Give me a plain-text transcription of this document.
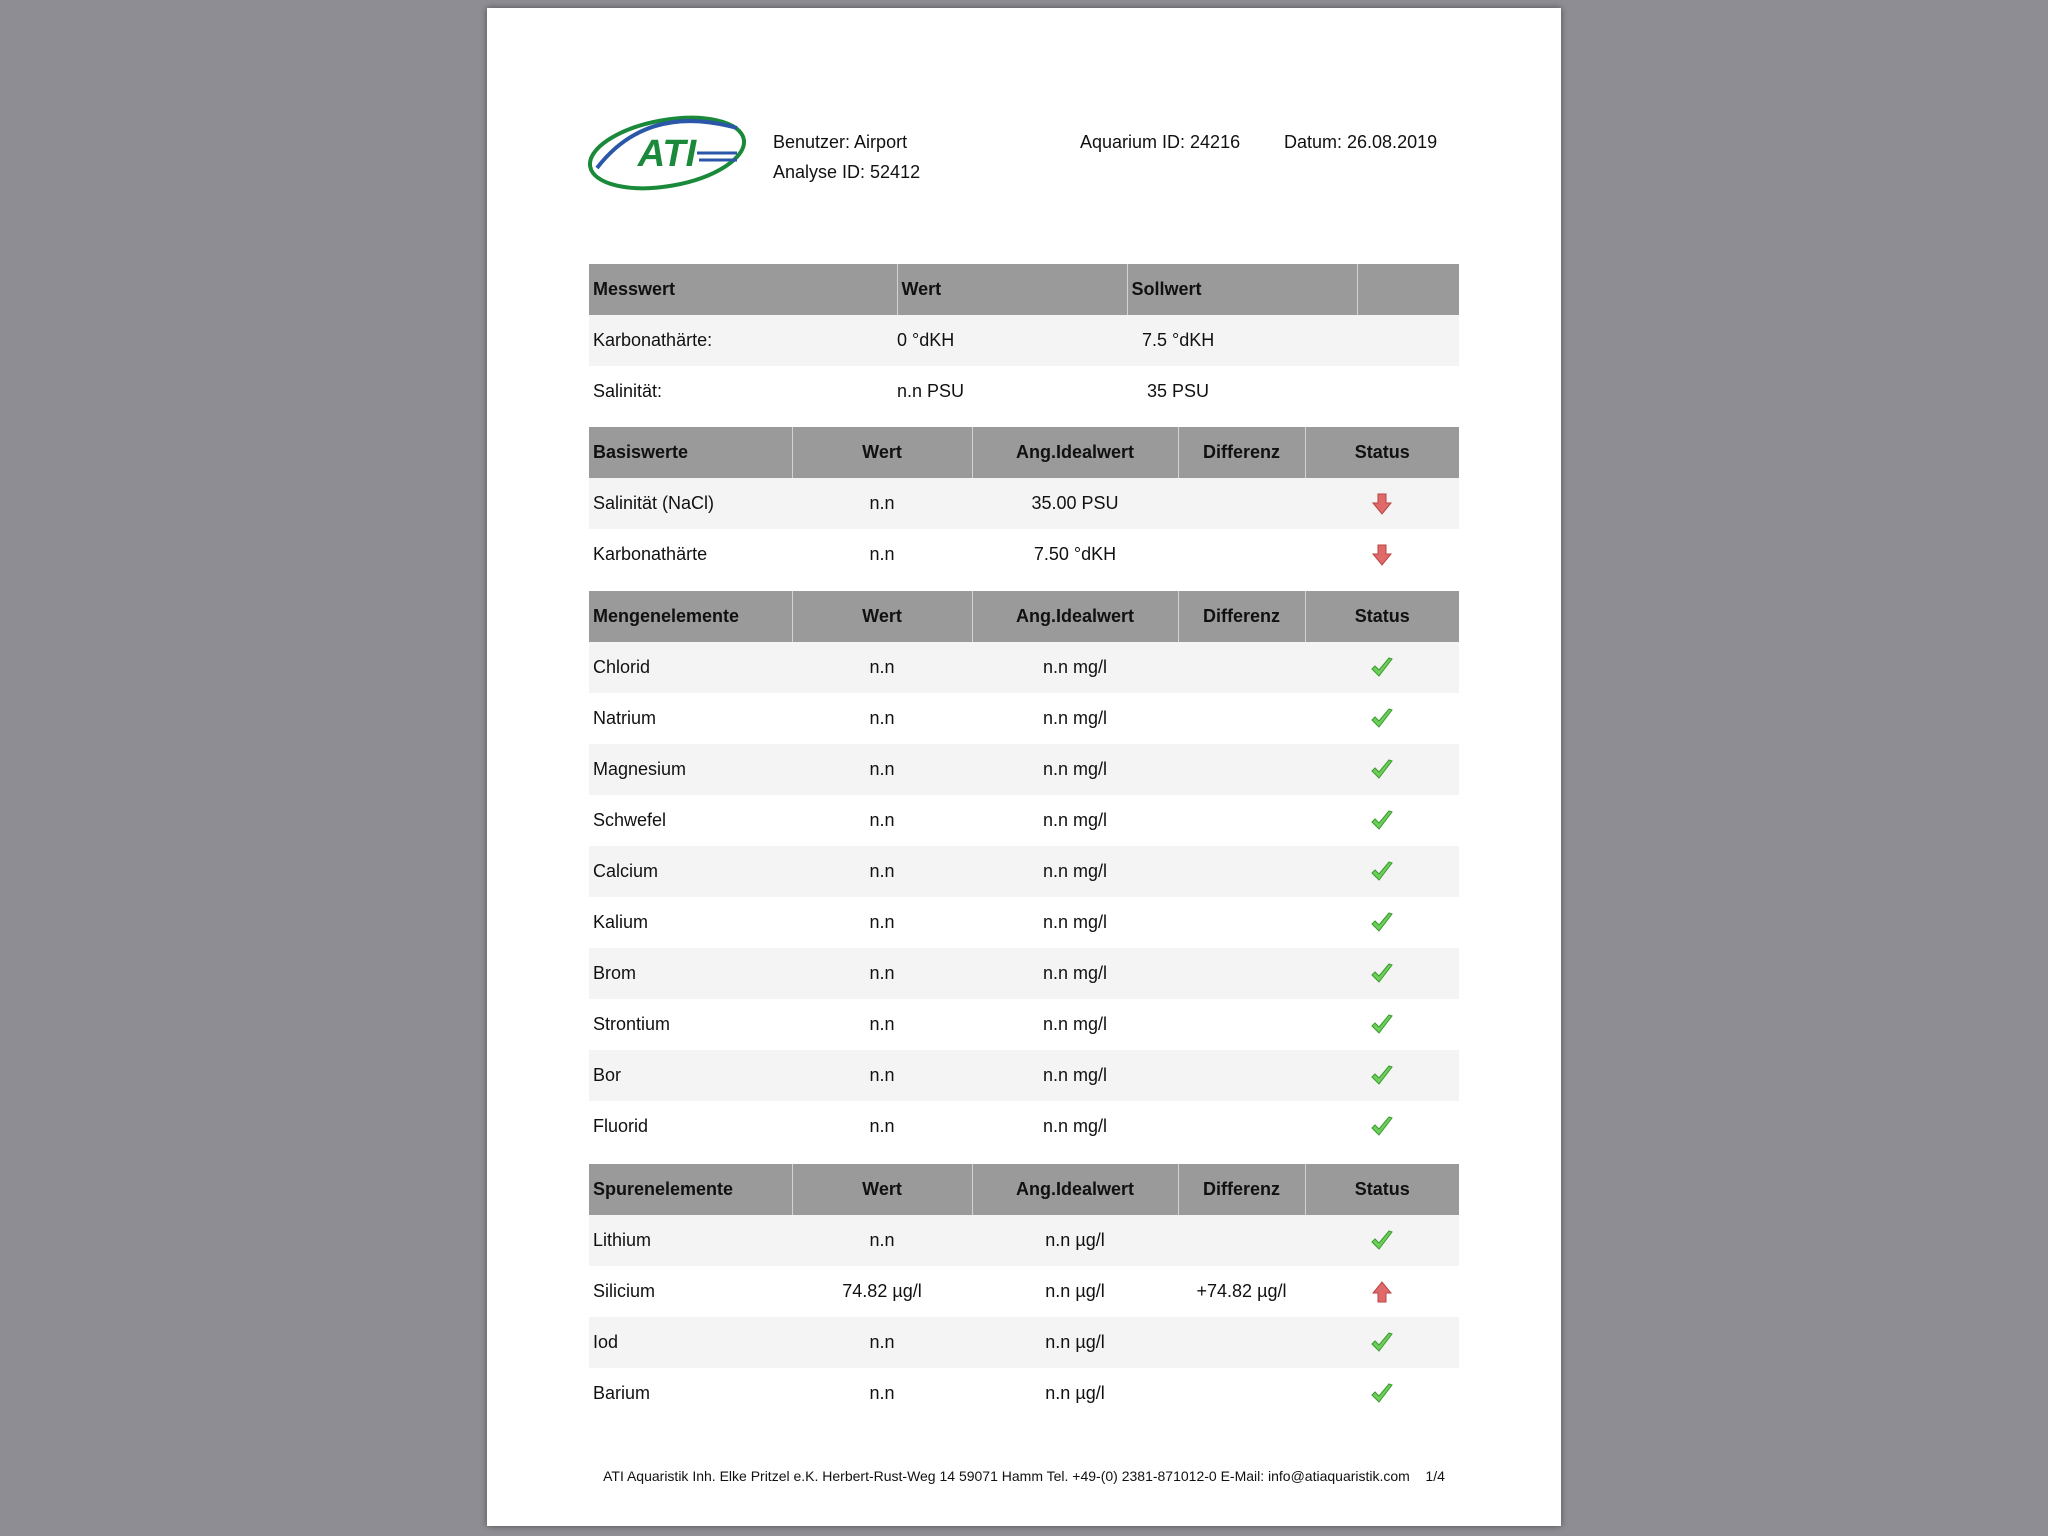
ATI	Benutzer: Airport
Analyse ID: 52412
Aquarium ID: 24216 Datum: 26.08.2019
Messwert	Wert	Sollwert	
Karbonathärte:	0 °dKH	7.5 °dKH	
Salinität:	n.n PSU	35 PSU	
Basiswerte	Wert	Ang.Idealwert	Differenz	Status
Salinität (NaCl)	n.n	35.00 PSU		
Karbonathärte	n.n	7.50 °dKH		
Mengenelemente	Wert	Ang.Idealwert	Differenz	Status
Chlorid	n.n	n.n mg/l		
Natrium	n.n	n.n mg/l		
Magnesium	n.n	n.n mg/l		
Schwefel	n.n	n.n mg/l		
Calcium	n.n	n.n mg/l		
Kalium	n.n	n.n mg/l		
Brom	n.n	n.n mg/l		
Strontium	n.n	n.n mg/l		
Bor	n.n	n.n mg/l		
Fluorid	n.n	n.n mg/l		
Spurenelemente	Wert	Ang.Idealwert	Differenz	Status
Lithium	n.n	n.n µg/l		
Silicium	74.82 µg/l	n.n µg/l	+74.82 µg/l	
Iod	n.n	n.n µg/l		
Barium	n.n	n.n µg/l		
ATI Aquaristik Inh. Elke Pritzel e.K. Herbert-Rust-Weg 14 59071 Hamm Tel. +49-(0) 2381-871012-0 E-Mail: info@atiaquaristik.com 1/4
